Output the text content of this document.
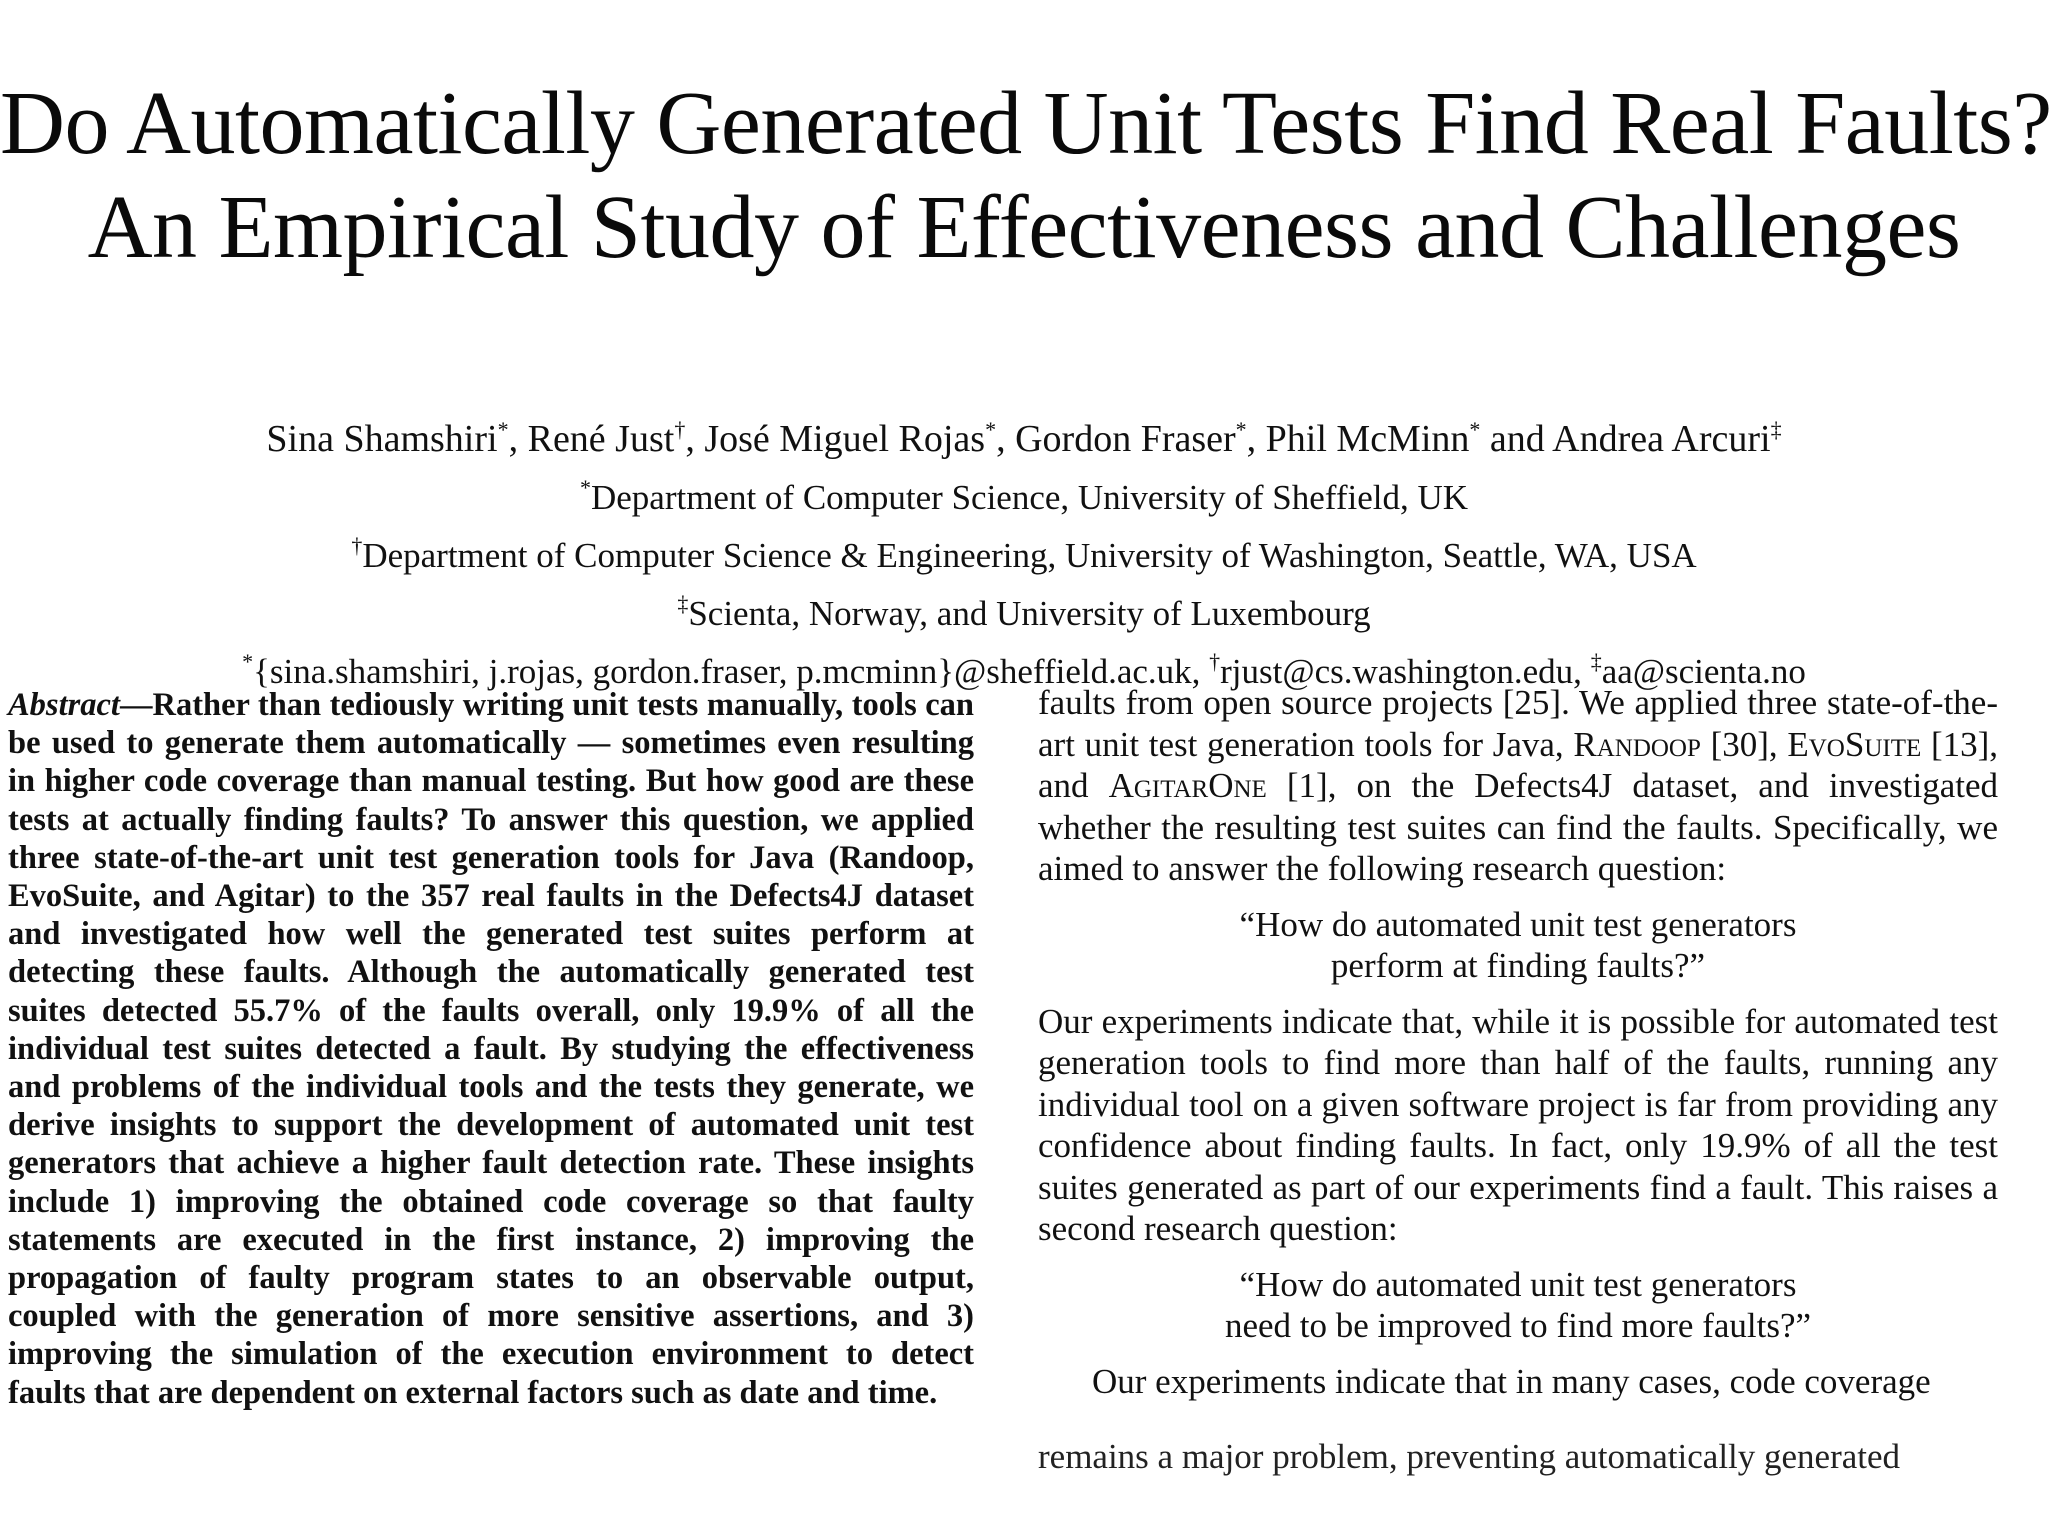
Do Automatically Generated Unit Tests Find Real Faults?
An Empirical Study of Effectiveness and Challenges
Sina Shamshiri*, René Just†, José Miguel Rojas*, Gordon Fraser*, Phil McMinn* and Andrea Arcuri‡
*Department of Computer Science, University of Sheffield, UK
†Department of Computer Science & Engineering, University of Washington, Seattle, WA, USA
‡Scienta, Norway, and University of Luxembourg
*{sina.shamshiri, j.rojas, gordon.fraser, p.mcminn}@sheffield.ac.uk, †rjust@cs.washington.edu, ‡aa@scienta.no
Abstract—Rather than tediously writing unit tests manually, tools can be used to generate them automatically — sometimes even resulting in higher code coverage than manual testing. But how good are these tests at actually finding faults? To answer this question, we applied three state-of-the-art unit test generation tools for Java (Randoop, EvoSuite, and Agitar) to the 357 real faults in the Defects4J dataset and investigated how well the generated test suites perform at detecting these faults. Although the automatically generated test suites detected 55.7% of the faults overall, only 19.9% of all the individual test suites detected a fault. By studying the effectiveness and problems of the individual tools and the tests they generate, we derive insights to support the development of automated unit test generators that achieve a higher fault detection rate. These insights include 1) improving the obtained code coverage so that faulty statements are executed in the first instance, 2) improving the propagation of faulty program states to an observable output, coupled with the generation of more sensitive assertions, and 3) improving the simulation of the execution environment to detect faults that are dependent on external factors such as date and time.

faults from open source projects [25]. We applied three state-of-the-art unit test generation tools for Java, Randoop [30], EvoSuite [13], and AgitarOne [1], on the Defects4J dataset, and investigated whether the resulting test suites can find the faults. Specifically, we aimed to answer the following research question:

“How do automated unit test generators
perform at finding faults?”

Our experiments indicate that, while it is possible for automated test generation tools to find more than half of the faults, running any individual tool on a given software project is far from providing any confidence about finding faults. In fact, only 19.9% of all the test suites generated as part of our experiments find a fault. This raises a second research question:

“How do automated unit test generators
need to be improved to find more faults?”

Our experiments indicate that in many cases, code coverage

remains a major problem, preventing automatically generated
